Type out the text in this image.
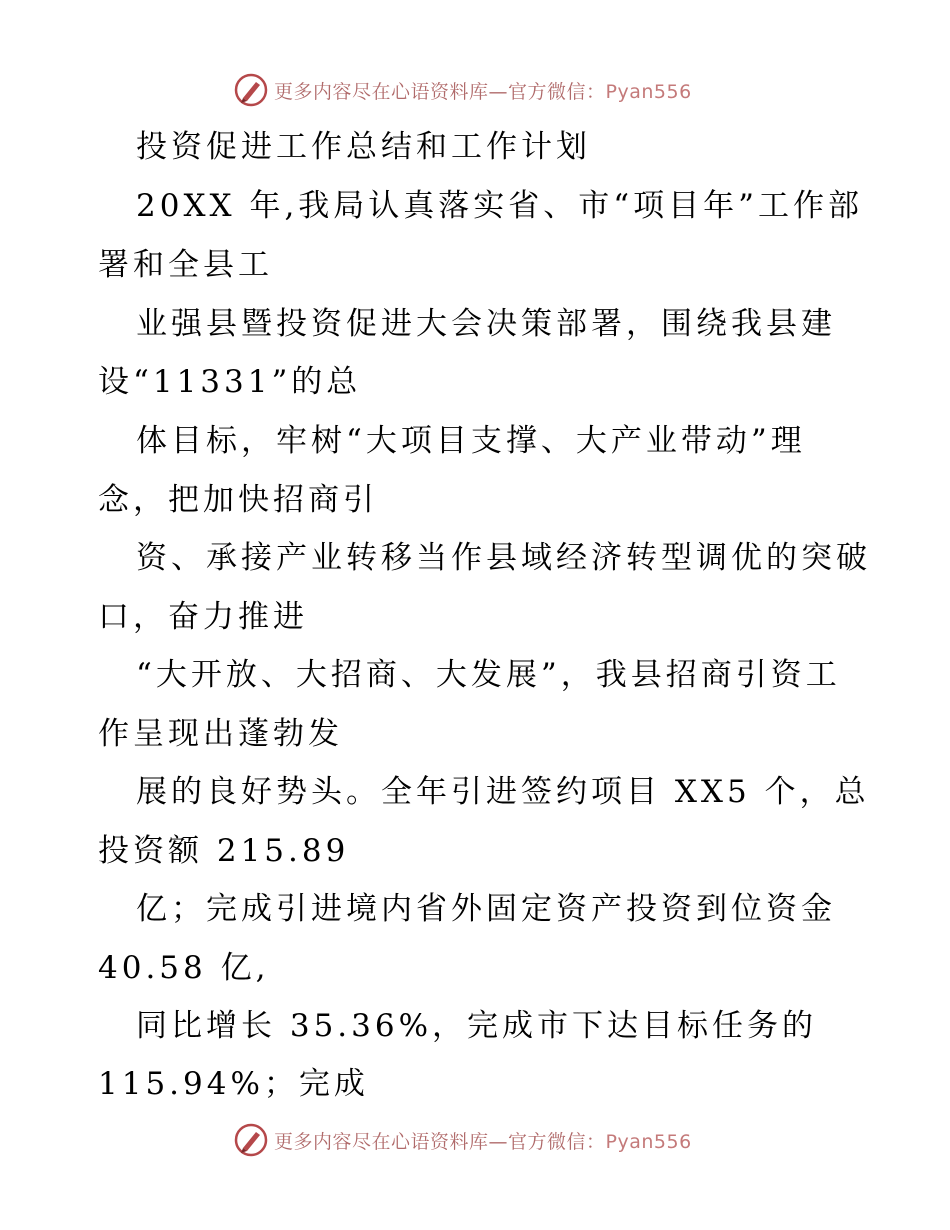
更多内容尽在心语资料库—官方微信：Pyan556
投资促进工作总结和工作计划
20XX 年,我局认真落实省、市“项目年”工作部
署和全县工
业强县暨投资促进大会决策部署，围绕我县建
设“11331”的总
体目标，牢树“大项目支撑、大产业带动”理
念，把加快招商引
资、承接产业转移当作县域经济转型调优的突破
口，奋力推进
“大开放、大招商、大发展”，我县招商引资工
作呈现出蓬勃发
展的良好势头。全年引进签约项目 XX5 个，总
投资额 215.89
亿；完成引进境内省外固定资产投资到位资金
40.58 亿,
同比增长 35.36%，完成市下达目标任务的
115.94%；完成
更多内容尽在心语资料库—官方微信：Pyan556
